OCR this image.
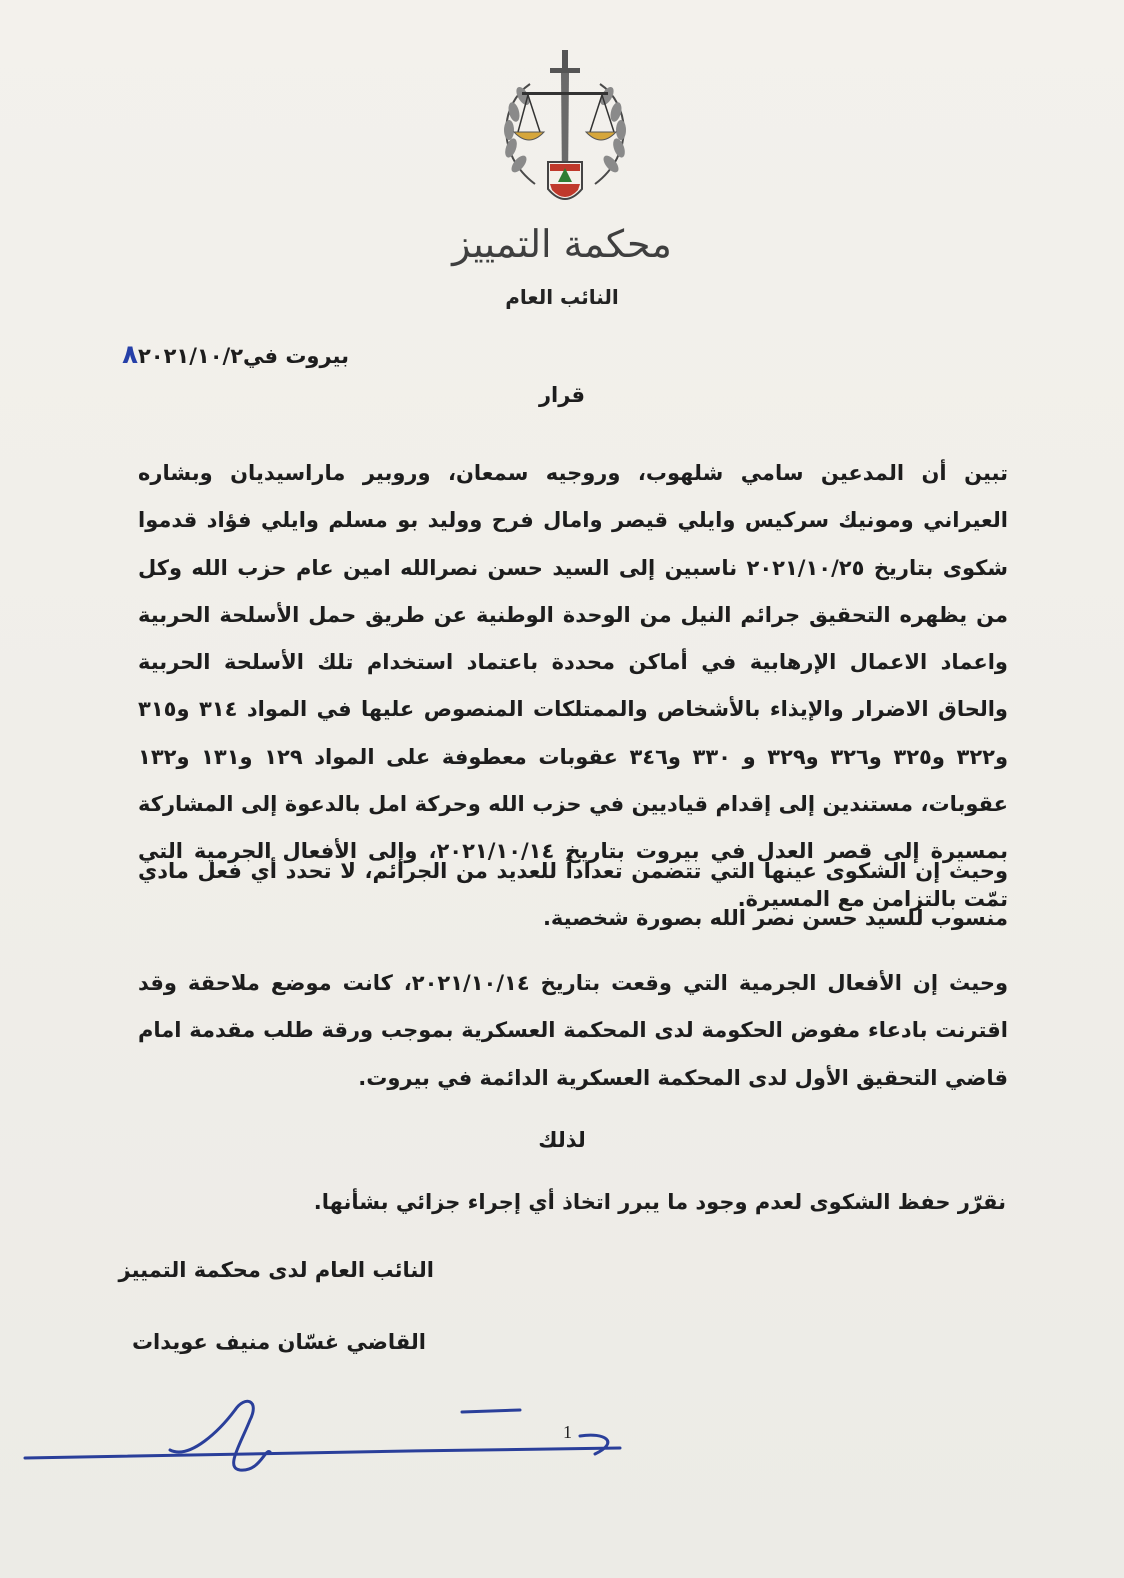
محكمة التمييز
النائب العام
بيروت في٨٢٠٢١/١٠/٢
قرار
تبين أن المدعين سامي شلهوب، وروجيه سمعان، وروبير ماراسيديان وبشاره العيراني ومونيك سركيس وايلي قيصر وامال فرح ووليد بو مسلم وايلي فؤاد قدموا شكوى بتاريخ ٢٠٢١/١٠/٢٥ ناسبين إلى السيد حسن نصرالله امين عام حزب الله وكل من يظهره التحقيق جرائم النيل من الوحدة الوطنية عن طريق حمل الأسلحة الحربية واعماد الاعمال الإرهابية في أماكن محددة باعتماد استخدام تلك الأسلحة الحربية والحاق الاضرار والإيذاء بالأشخاص والممتلكات المنصوص عليها في المواد ٣١٤ و٣١٥ و٣٢٢ و٣٢٥ و٣٢٦ و٣٢٩ و ٣٣٠ و٣٤٦ عقوبات معطوفة على المواد ١٢٩ و١٣١ و١٣٢ عقوبات، مستندين إلى إقدام قياديين في حزب الله وحركة امل بالدعوة إلى المشاركة بمسيرة إلى قصر العدل في بيروت بتاريخ ٢٠٢١/١٠/١٤، وإلى الأفعال الجرمية التي تمّت بالتزامن مع المسيرة.
وحيث إن الشكوى عينها التي تتضمن تعداداً للعديد من الجرائم، لا تحدد أي فعل مادي منسوب للسيد حسن نصر الله بصورة شخصية.
وحيث إن الأفعال الجرمية التي وقعت بتاريخ ٢٠٢١/١٠/١٤، كانت موضع ملاحقة وقد اقترنت بادعاء مفوض الحكومة لدى المحكمة العسكرية بموجب ورقة طلب مقدمة امام قاضي التحقيق الأول لدى المحكمة العسكرية الدائمة في بيروت.
لذلك
نقرّر حفظ الشكوى لعدم وجود ما يبرر اتخاذ أي إجراء جزائي بشأنها.
النائب العام لدى محكمة التمييز
القاضي غسّان منيف عويدات
1
